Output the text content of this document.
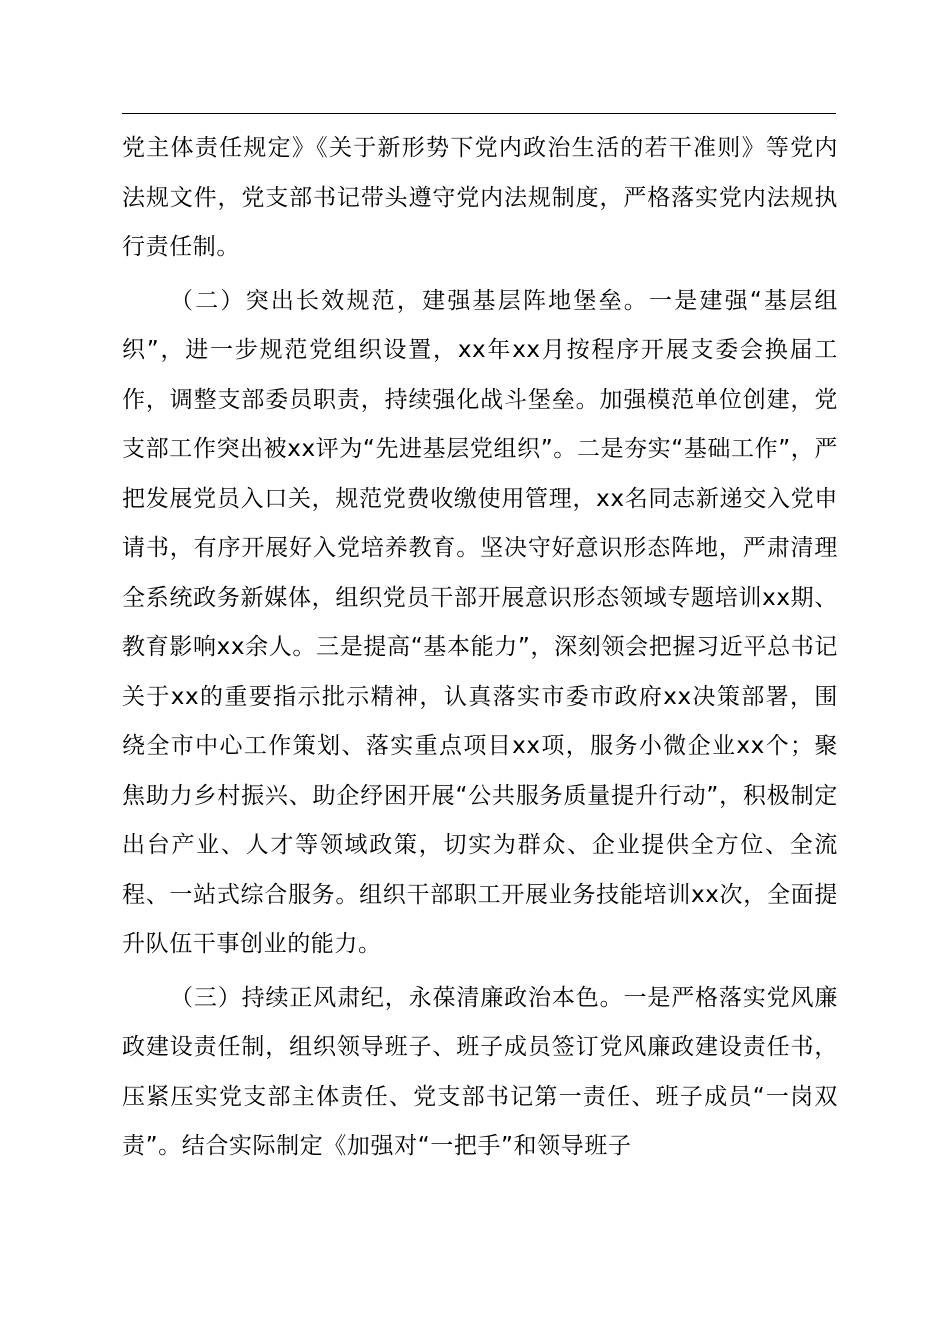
党主体责任规定》《关于新形势下党内政治生活的若干准则》等党内法规文件，党支部书记带头遵守党内法规制度，严格落实党内法规执行责任制。

（二）突出长效规范，建强基层阵地堡垒。一是建强“基层组织”，进一步规范党组织设置，xx年xx月按程序开展支委会换届工作，调整支部委员职责，持续强化战斗堡垒。加强模范单位创建，党支部工作突出被xx评为“先进基层党组织”。二是夯实“基础工作”，严把发展党员入口关，规范党费收缴使用管理，xx名同志新递交入党申请书，有序开展好入党培养教育。坚决守好意识形态阵地，严肃清理全系统政务新媒体，组织党员干部开展意识形态领域专题培训xx期、教育影响xx余人。三是提高“基本能力”，深刻领会把握习近平总书记关于xx的重要指示批示精神，认真落实市委市政府xx决策部署，围绕全市中心工作策划、落实重点项目xx项，服务小微企业xx个；聚焦助力乡村振兴、助企纾困开展“公共服务质量提升行动”，积极制定出台产业、人才等领域政策，切实为群众、企业提供全方位、全流程、一站式综合服务。组织干部职工开展业务技能培训xx次，全面提升队伍干事创业的能力。

（三）持续正风肃纪，永葆清廉政治本色。一是严格落实党风廉政建设责任制，组织领导班子、班子成员签订党风廉政建设责任书，压紧压实党支部主体责任、党支部书记第一责任、班子成员“一岗双责”。结合实际制定《加强对“一把手”和领导班子
